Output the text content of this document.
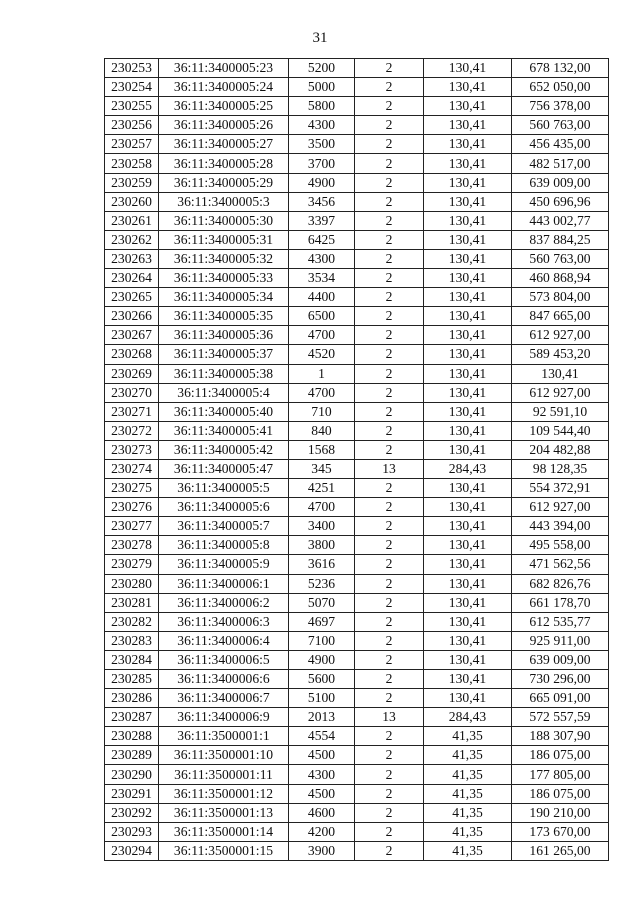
31
230253	36:11:3400005:23	5200	2	130,41	678 132,00
230254	36:11:3400005:24	5000	2	130,41	652 050,00
230255	36:11:3400005:25	5800	2	130,41	756 378,00
230256	36:11:3400005:26	4300	2	130,41	560 763,00
230257	36:11:3400005:27	3500	2	130,41	456 435,00
230258	36:11:3400005:28	3700	2	130,41	482 517,00
230259	36:11:3400005:29	4900	2	130,41	639 009,00
230260	36:11:3400005:3	3456	2	130,41	450 696,96
230261	36:11:3400005:30	3397	2	130,41	443 002,77
230262	36:11:3400005:31	6425	2	130,41	837 884,25
230263	36:11:3400005:32	4300	2	130,41	560 763,00
230264	36:11:3400005:33	3534	2	130,41	460 868,94
230265	36:11:3400005:34	4400	2	130,41	573 804,00
230266	36:11:3400005:35	6500	2	130,41	847 665,00
230267	36:11:3400005:36	4700	2	130,41	612 927,00
230268	36:11:3400005:37	4520	2	130,41	589 453,20
230269	36:11:3400005:38	1	2	130,41	130,41
230270	36:11:3400005:4	4700	2	130,41	612 927,00
230271	36:11:3400005:40	710	2	130,41	92 591,10
230272	36:11:3400005:41	840	2	130,41	109 544,40
230273	36:11:3400005:42	1568	2	130,41	204 482,88
230274	36:11:3400005:47	345	13	284,43	98 128,35
230275	36:11:3400005:5	4251	2	130,41	554 372,91
230276	36:11:3400005:6	4700	2	130,41	612 927,00
230277	36:11:3400005:7	3400	2	130,41	443 394,00
230278	36:11:3400005:8	3800	2	130,41	495 558,00
230279	36:11:3400005:9	3616	2	130,41	471 562,56
230280	36:11:3400006:1	5236	2	130,41	682 826,76
230281	36:11:3400006:2	5070	2	130,41	661 178,70
230282	36:11:3400006:3	4697	2	130,41	612 535,77
230283	36:11:3400006:4	7100	2	130,41	925 911,00
230284	36:11:3400006:5	4900	2	130,41	639 009,00
230285	36:11:3400006:6	5600	2	130,41	730 296,00
230286	36:11:3400006:7	5100	2	130,41	665 091,00
230287	36:11:3400006:9	2013	13	284,43	572 557,59
230288	36:11:3500001:1	4554	2	41,35	188 307,90
230289	36:11:3500001:10	4500	2	41,35	186 075,00
230290	36:11:3500001:11	4300	2	41,35	177 805,00
230291	36:11:3500001:12	4500	2	41,35	186 075,00
230292	36:11:3500001:13	4600	2	41,35	190 210,00
230293	36:11:3500001:14	4200	2	41,35	173 670,00
230294	36:11:3500001:15	3900	2	41,35	161 265,00
